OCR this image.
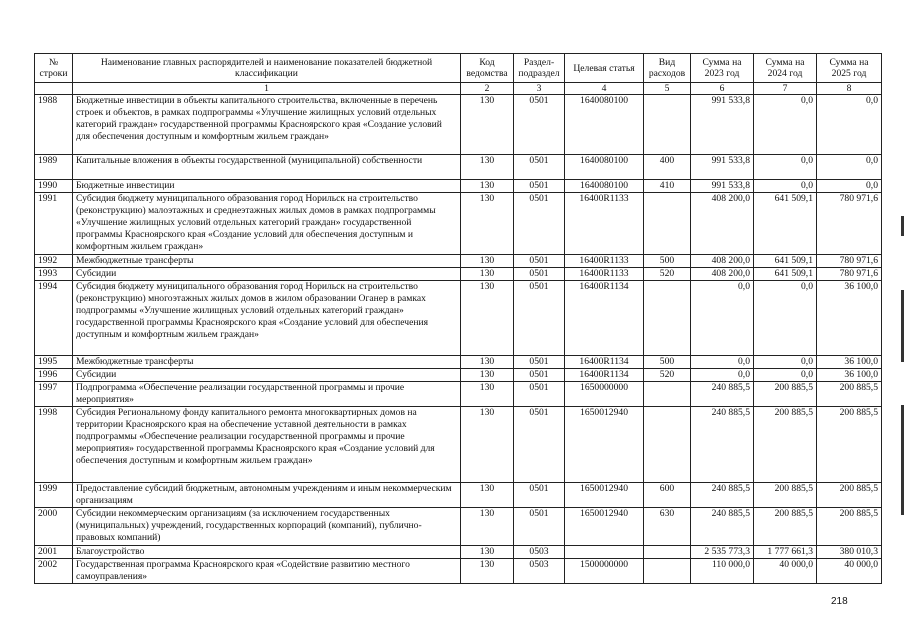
№ строки	Наименование главных распорядителей и наименование показателей бюджетной классификации	Код ведомства	Раздел-подраздел	Целевая статья	Вид расходов	Сумма на 2023 год	Сумма на 2024 год	Сумма на 2025 год
	1	2	3	4	5	6	7	8
1988	Бюджетные инвестиции в объекты капитального строительства, включенные в перечень строек и объектов, в рамках подпрограммы «Улучшение жилищных условий отдельных категорий граждан» государственной программы Красноярского края «Создание условий для обеспечения доступным и комфортным жильем граждан»	130	0501	1640080100		991 533,8	0,0	0,0
1989	Капитальные вложения в объекты государственной (муниципальной) собственности	130	0501	1640080100	400	991 533,8	0,0	0,0
1990	Бюджетные инвестиции	130	0501	1640080100	410	991 533,8	0,0	0,0
1991	Субсидия бюджету муниципального образования город Норильск на строительство (реконструкцию) малоэтажных и среднеэтажных жилых домов в рамках подпрограммы «Улучшение жилищных условий отдельных категорий граждан» государственной программы Красноярского края «Создание условий для обеспечения доступным и комфортным жильем граждан»	130	0501	16400R1133		408 200,0	641 509,1	780 971,6
1992	Межбюджетные трансферты	130	0501	16400R1133	500	408 200,0	641 509,1	780 971,6
1993	Субсидии	130	0501	16400R1133	520	408 200,0	641 509,1	780 971,6
1994	Субсидия бюджету муниципального образования город Норильск на строительство (реконструкцию) многоэтажных жилых домов в жилом образовании Оганер в рамках подпрограммы «Улучшение жилищных условий отдельных категорий граждан» государственной программы Красноярского края «Создание условий для обеспечения доступным и комфортным жильем граждан»	130	0501	16400R1134		0,0	0,0	36 100,0
1995	Межбюджетные трансферты	130	0501	16400R1134	500	0,0	0,0	36 100,0
1996	Субсидии	130	0501	16400R1134	520	0,0	0,0	36 100,0
1997	Подпрограмма «Обеспечение реализации государственной программы и прочие мероприятия»	130	0501	1650000000		240 885,5	200 885,5	200 885,5
1998	Субсидия Региональному фонду капитального ремонта многоквартирных домов на территории Красноярского края на обеспечение уставной деятельности в рамках подпрограммы «Обеспечение реализации государственной программы и прочие мероприятия» государственной программы Красноярского края «Создание условий для обеспечения доступным и комфортным жильем граждан»	130	0501	1650012940		240 885,5	200 885,5	200 885,5
1999	Предоставление субсидий бюджетным, автономным учреждениям и иным некоммерческим организациям	130	0501	1650012940	600	240 885,5	200 885,5	200 885,5
2000	Субсидии некоммерческим организациям (за исключением государственных (муниципальных) учреждений, государственных корпораций (компаний), публично-правовых компаний)	130	0501	1650012940	630	240 885,5	200 885,5	200 885,5
2001	Благоустройство	130	0503			2 535 773,3	1 777 661,3	380 010,3
2002	Государственная программа Красноярского края «Содействие развитию местного самоуправления»	130	0503	1500000000		110 000,0	40 000,0	40 000,0
218
